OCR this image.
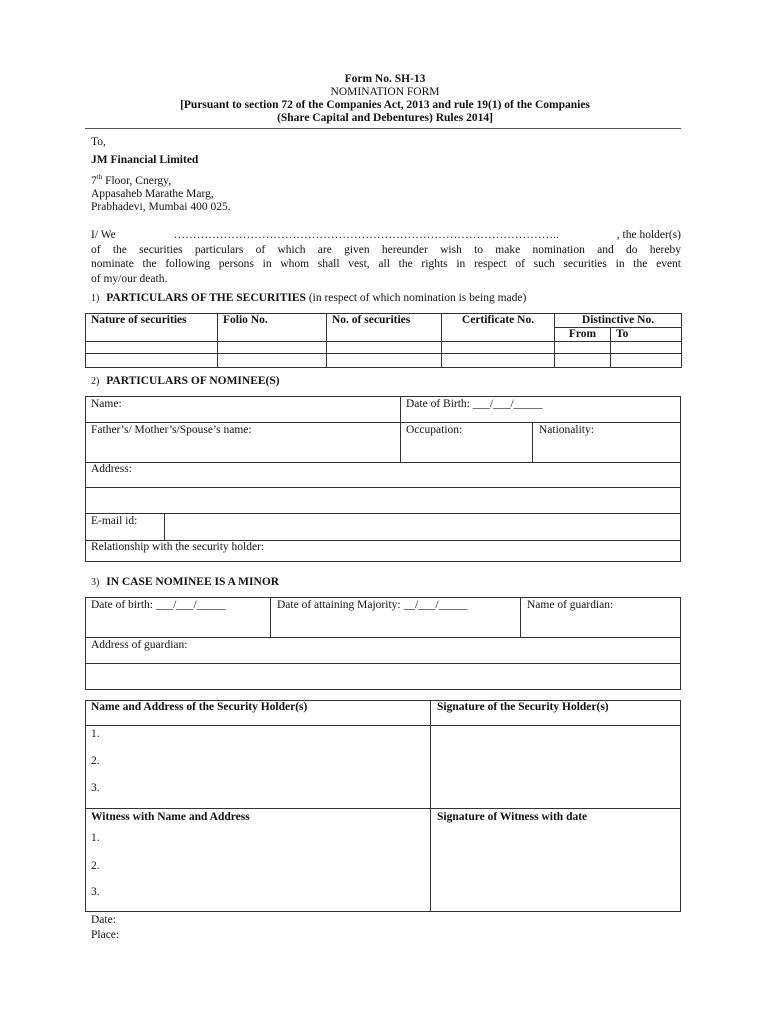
Form No. SH-13
NOMINATION FORM
[Pursuant to section 72 of the Companies Act, 2013 and rule 19(1) of the Companies
(Share Capital and Debentures) Rules 2014]
To,
JM Financial Limited
7th Floor, Cnergy,
Appasaheb Marathe Marg,
Prabhadevi, Mumbai 400 025.

I/ We	………………………………………………………………………………………..	, the holder(s)

of the securities particulars of which are given hereunder wish to make nomination and do hereby

nominate the following persons in whom shall vest, all the rights in respect of such securities in the event

of my/our death.

1) PARTICULARS OF THE SECURITIES (in respect of which nomination is being made)
Nature of securities	Folio No.	No. of securities	Certificate No.	Distinctive No.	
				From	To

2) PARTICULARS OF NOMINEE(S)
Name:	Date of Birth: ___/___/_____
Father’s/ Mother’s/Spouse’s name:	Occupation:	Nationality:
Address:
E-mail id:
Relationship with the security holder:
3) IN CASE NOMINEE IS A MINOR
Date of birth: ___/___/_____	Date of attaining Majority: __/___/_____	Name of guardian:
Address of guardian:
Name and Address of the Security Holder(s)	Signature of the Security Holder(s)
1.
2.
3.
Witness with Name and Address	Signature of Witness with date
1.
2.
3.
Date:
Place:
